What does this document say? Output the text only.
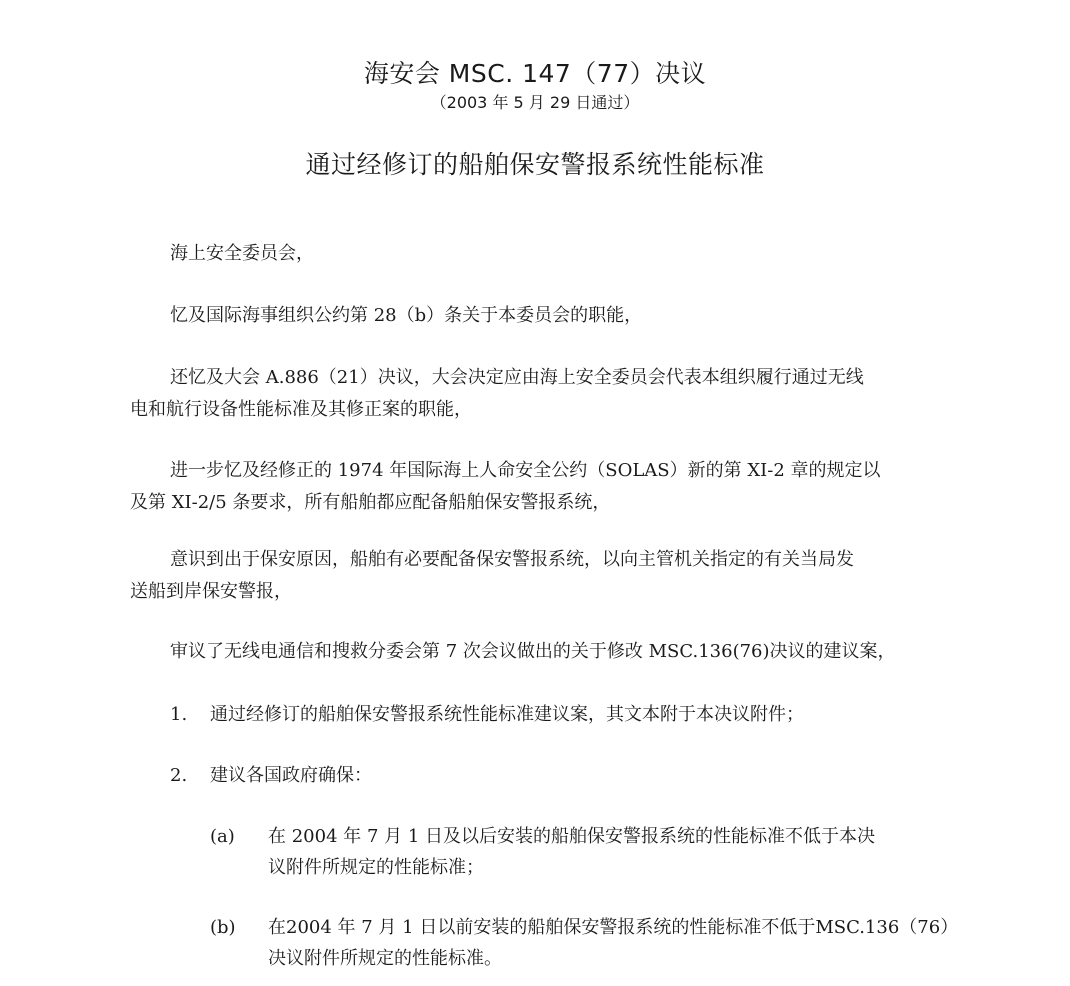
海安会 MSC. 147（77）决议
（2003 年 5 月 29 日通过）
通过经修订的船舶保安警报系统性能标准
海上安全委员会，
忆及国际海事组织公约第 28（b）条关于本委员会的职能，
还忆及大会 A.886（21）决议，大会决定应由海上安全委员会代表本组织履行通过无线
电和航行设备性能标准及其修正案的职能，
进一步忆及经修正的 1974 年国际海上人命安全公约（SOLAS）新的第 XI-2 章的规定以
及第 XI-2/5 条要求，所有船舶都应配备船舶保安警报系统，
意识到出于保安原因，船舶有必要配备保安警报系统，以向主管机关指定的有关当局发
送船到岸保安警报，
审议了无线电通信和搜救分委会第 7 次会议做出的关于修改 MSC.136(76)决议的建议案，
1. 通过经修订的船舶保安警报系统性能标准建议案，其文本附于本决议附件；
2. 建议各国政府确保：
(a) 在 2004 年 7 月 1 日及以后安装的船舶保安警报系统的性能标准不低于本决
议附件所规定的性能标准；
(b) 在2004 年 7 月 1 日以前安装的船舶保安警报系统的性能标准不低于MSC.136（76）
决议附件所规定的性能标准。
